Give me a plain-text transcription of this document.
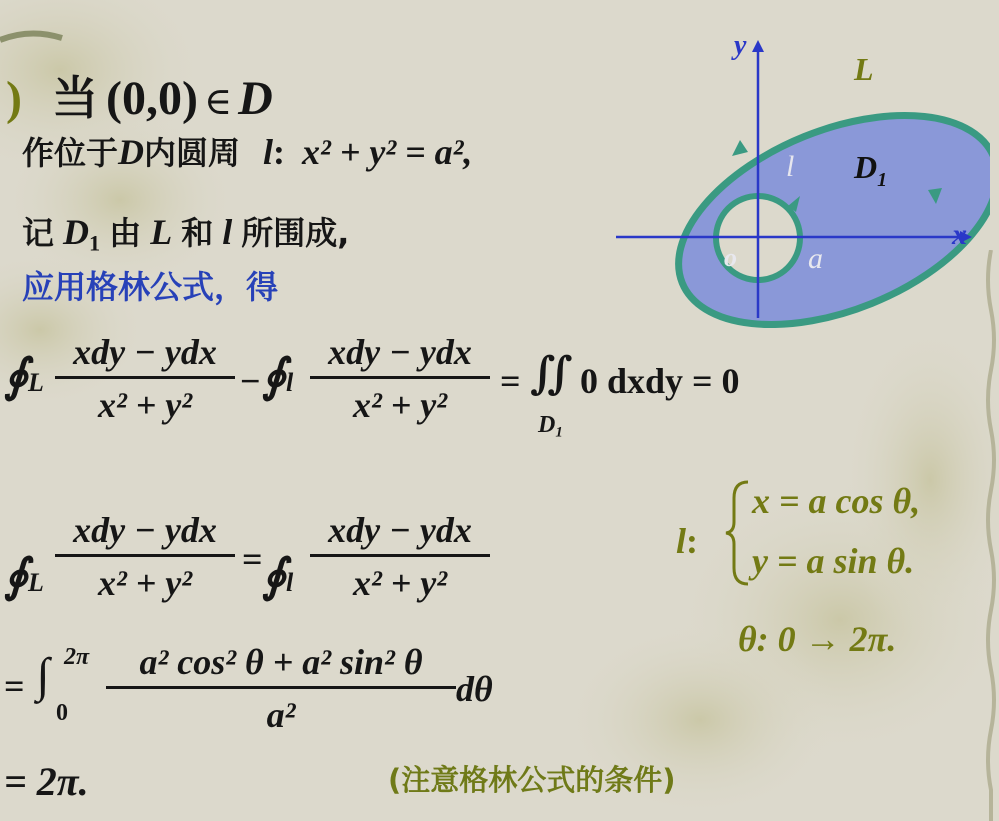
) 当 (0,0) ∈ D
作位于D内圆周 l: x² + y² = a²,
记 $D_1$ 由 L 和 l 所围成,
应用格林公式，得
∮L
xdy − ydx
x² + y²
− ∮l
xdy − ydx
x² + y²
= ∬
$D_1$
0 dxdy = 0
∮L
xdy − ydx
x² + y²
= ∮l
xdy − ydx
x² + y²
= ∫ 2π
0
a² cos² θ + a² sin² θ
a²
dθ
= 2π.	(注意格林公式的条件)
l:
x = a cos θ,
y = a sin θ.
θ: 0 → 2π.
y
x
L
l $D_1$
o a
